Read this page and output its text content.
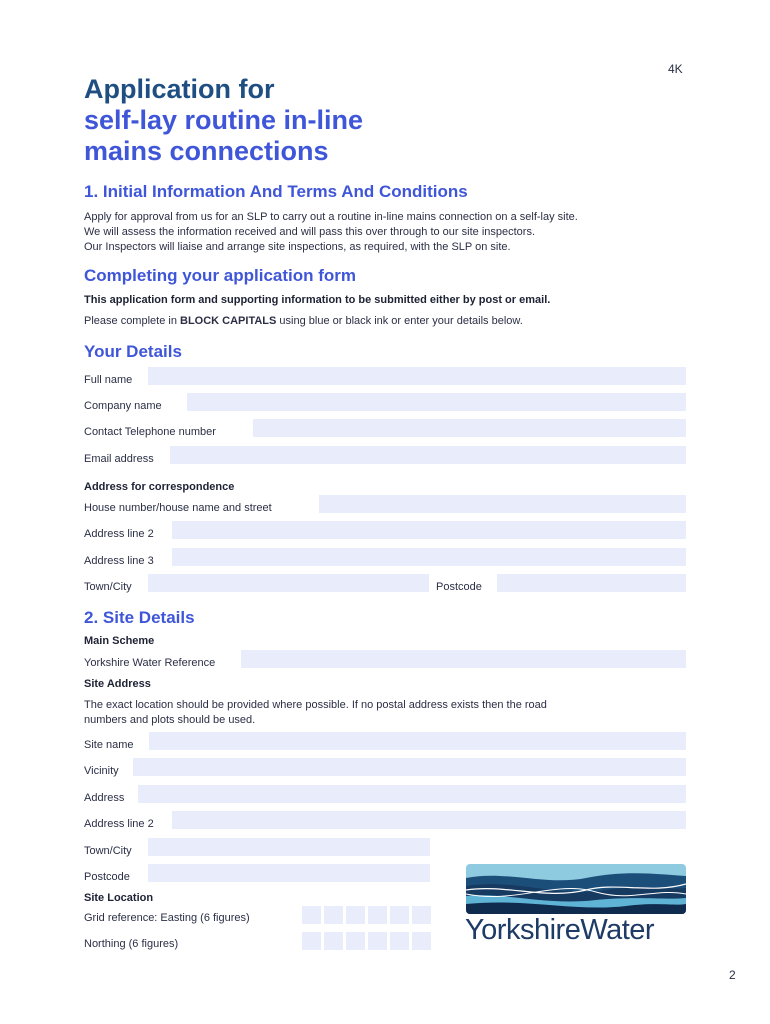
4K
Application for
self-lay routine in-line
mains connections
1. Initial Information And Terms And Conditions
Apply for approval from us for an SLP to carry out a routine in-line mains connection on a self-lay site.
We will assess the information received and will pass this over through to our site inspectors.
Our Inspectors will liaise and arrange site inspections, as required, with the SLP on site.
Completing your application form
This application form and supporting information to be submitted either by post or email.
Please complete in BLOCK CAPITALS using blue or black ink or enter your details below.
Your Details
Full name
Company name
Contact Telephone number
Email address
Address for correspondence
House number/house name and street
Address line 2
Address line 3
Town/City	Postcode
2. Site Details
Main Scheme
Yorkshire Water Reference
Site Address
The exact location should be provided where possible. If no postal address exists then the road
numbers and plots should be used.
Site name
Vicinity
Address
Address line 2
Town/City
Postcode
Site Location
Grid reference: Easting (6 figures)
Northing (6 figures)	YorkshireWater
2
